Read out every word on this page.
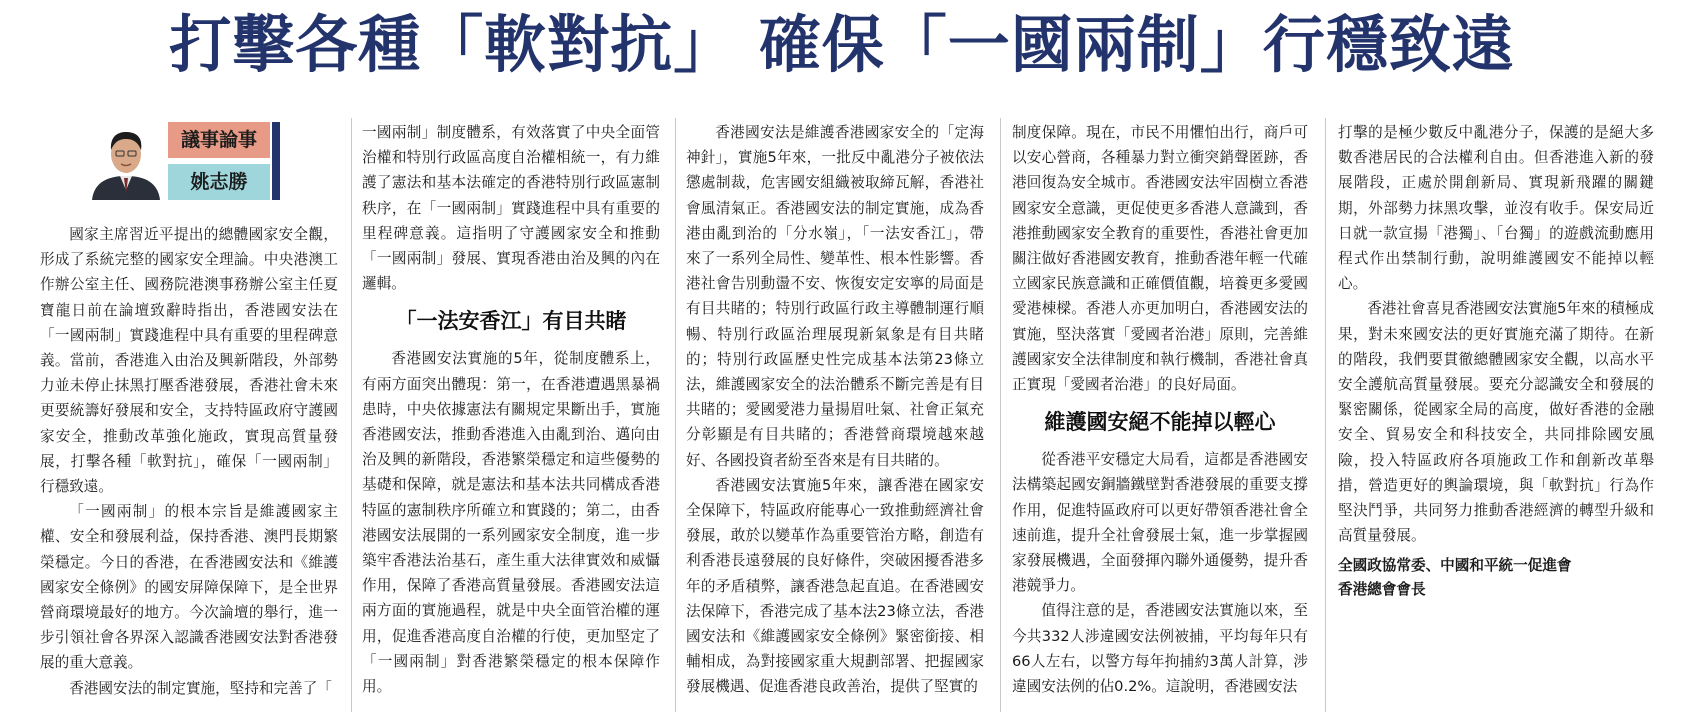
打擊各種「軟對抗」 確保「一國兩制」行穩致遠
議事論事
姚志勝

國家主席習近平提出的總體國家安全觀，形成了系統完整的國家安全理論。中央港澳工作辦公室主任、國務院港澳事務辦公室主任夏寶龍日前在論壇致辭時指出，香港國安法在「一國兩制」實踐進程中具有重要的里程碑意義。當前，香港進入由治及興新階段，外部勢力並未停止抹黑打壓香港發展，香港社會未來更要統籌好發展和安全，支持特區政府守護國家安全，推動改革強化施政，實現高質量發展，打擊各種「軟對抗」，確保「一國兩制」行穩致遠。

「一國兩制」的根本宗旨是維護國家主權、安全和發展利益，保持香港、澳門長期繁榮穩定。今日的香港，在香港國安法和《維護國家安全條例》的國安屏障保障下，是全世界營商環境最好的地方。今次論壇的舉行，進一步引領社會各界深入認識香港國安法對香港發展的重大意義。

香港國安法的制定實施，堅持和完善了「

一國兩制」制度體系，有效落實了中央全面管治權和特別行政區高度自治權相統一，有力維護了憲法和基本法確定的香港特別行政區憲制秩序，在「一國兩制」實踐進程中具有重要的里程碑意義。這指明了守護國家安全和推動「一國兩制」發展、實現香港由治及興的內在邏輯。

「一法安香江」有目共睹

香港國安法實施的5年，從制度體系上，有兩方面突出體現：第一，在香港遭遇黑暴禍患時，中央依據憲法有關規定果斷出手，實施香港國安法，推動香港進入由亂到治、邁向由治及興的新階段，香港繁榮穩定和這些優勢的基礎和保障，就是憲法和基本法共同構成香港特區的憲制秩序所確立和實踐的；第二，由香港國安法展開的一系列國家安全制度，進一步築牢香港法治基石，產生重大法律實效和威懾作用，保障了香港高質量發展。香港國安法這兩方面的實施過程，就是中央全面管治權的運用，促進香港高度自治權的行使，更加堅定了「一國兩制」對香港繁榮穩定的根本保障作用。

香港國安法是維護香港國家安全的「定海神針」，實施5年來，一批反中亂港分子被依法懲處制裁，危害國安組織被取締瓦解，香港社會風清氣正。香港國安法的制定實施，成為香港由亂到治的「分水嶺」，「一法安香江」，帶來了一系列全局性、變革性、根本性影響。香港社會告別動盪不安、恢復安定安寧的局面是有目共睹的；特別行政區行政主導體制運行順暢、特別行政區治理展現新氣象是有目共睹的；特別行政區歷史性完成基本法第23條立法，維護國家安全的法治體系不斷完善是有目共睹的；愛國愛港力量揚眉吐氣、社會正氣充分彰顯是有目共睹的；香港營商環境越來越好、各國投資者紛至沓來是有目共睹的。

香港國安法實施5年來，讓香港在國家安全保障下，特區政府能專心一致推動經濟社會發展，敢於以變革作為重要管治方略，創造有利香港長遠發展的良好條件，突破困擾香港多年的矛盾積弊，讓香港急起直追。在香港國安法保障下，香港完成了基本法23條立法，香港國安法和《維護國家安全條例》緊密銜接、相輔相成，為對接國家重大規劃部署、把握國家發展機遇、促進香港良政善治，提供了堅實的

制度保障。現在，市民不用懼怕出行，商戶可以安心營商，各種暴力對立衝突銷聲匿跡，香港回復為安全城市。香港國安法牢固樹立香港國家安全意識，更促使更多香港人意識到，香港推動國家安全教育的重要性，香港社會更加關注做好香港國安教育，推動香港年輕一代確立國家民族意識和正確價值觀，培養更多愛國愛港棟樑。香港人亦更加明白，香港國安法的實施，堅決落實「愛國者治港」原則，完善維護國家安全法律制度和執行機制，香港社會真正實現「愛國者治港」的良好局面。

維護國安絕不能掉以輕心

從香港平安穩定大局看，這都是香港國安法構築起國安銅牆鐵壁對香港發展的重要支撐作用，促進特區政府可以更好帶領香港社會全速前進，提升全社會發展士氣，進一步掌握國家發展機遇，全面發揮內聯外通優勢，提升香港競爭力。

值得注意的是，香港國安法實施以來，至今共332人涉違國安法例被捕，平均每年只有66人左右，以警方每年拘捕約3萬人計算，涉違國安法例的佔0.2%。這說明，香港國安法

打擊的是極少數反中亂港分子，保護的是絕大多數香港居民的合法權利自由。但香港進入新的發展階段，正處於開創新局、實現新飛躍的關鍵期，外部勢力抹黑攻擊，並沒有收手。保安局近日就一款宣揚「港獨」、「台獨」的遊戲流動應用程式作出禁制行動，說明維護國安不能掉以輕心。

香港社會喜見香港國安法實施5年來的積極成果，對未來國安法的更好實施充滿了期待。在新的階段，我們要貫徹總體國家安全觀，以高水平安全護航高質量發展。要充分認識安全和發展的緊密關係，從國家全局的高度，做好香港的金融安全、貿易安全和科技安全，共同排除國安風險，投入特區政府各項施政工作和創新改革舉措，營造更好的輿論環境，與「軟對抗」行為作堅決鬥爭，共同努力推動香港經濟的轉型升級和高質量發展。

全國政協常委、中國和平統一促進會
香港總會會長
